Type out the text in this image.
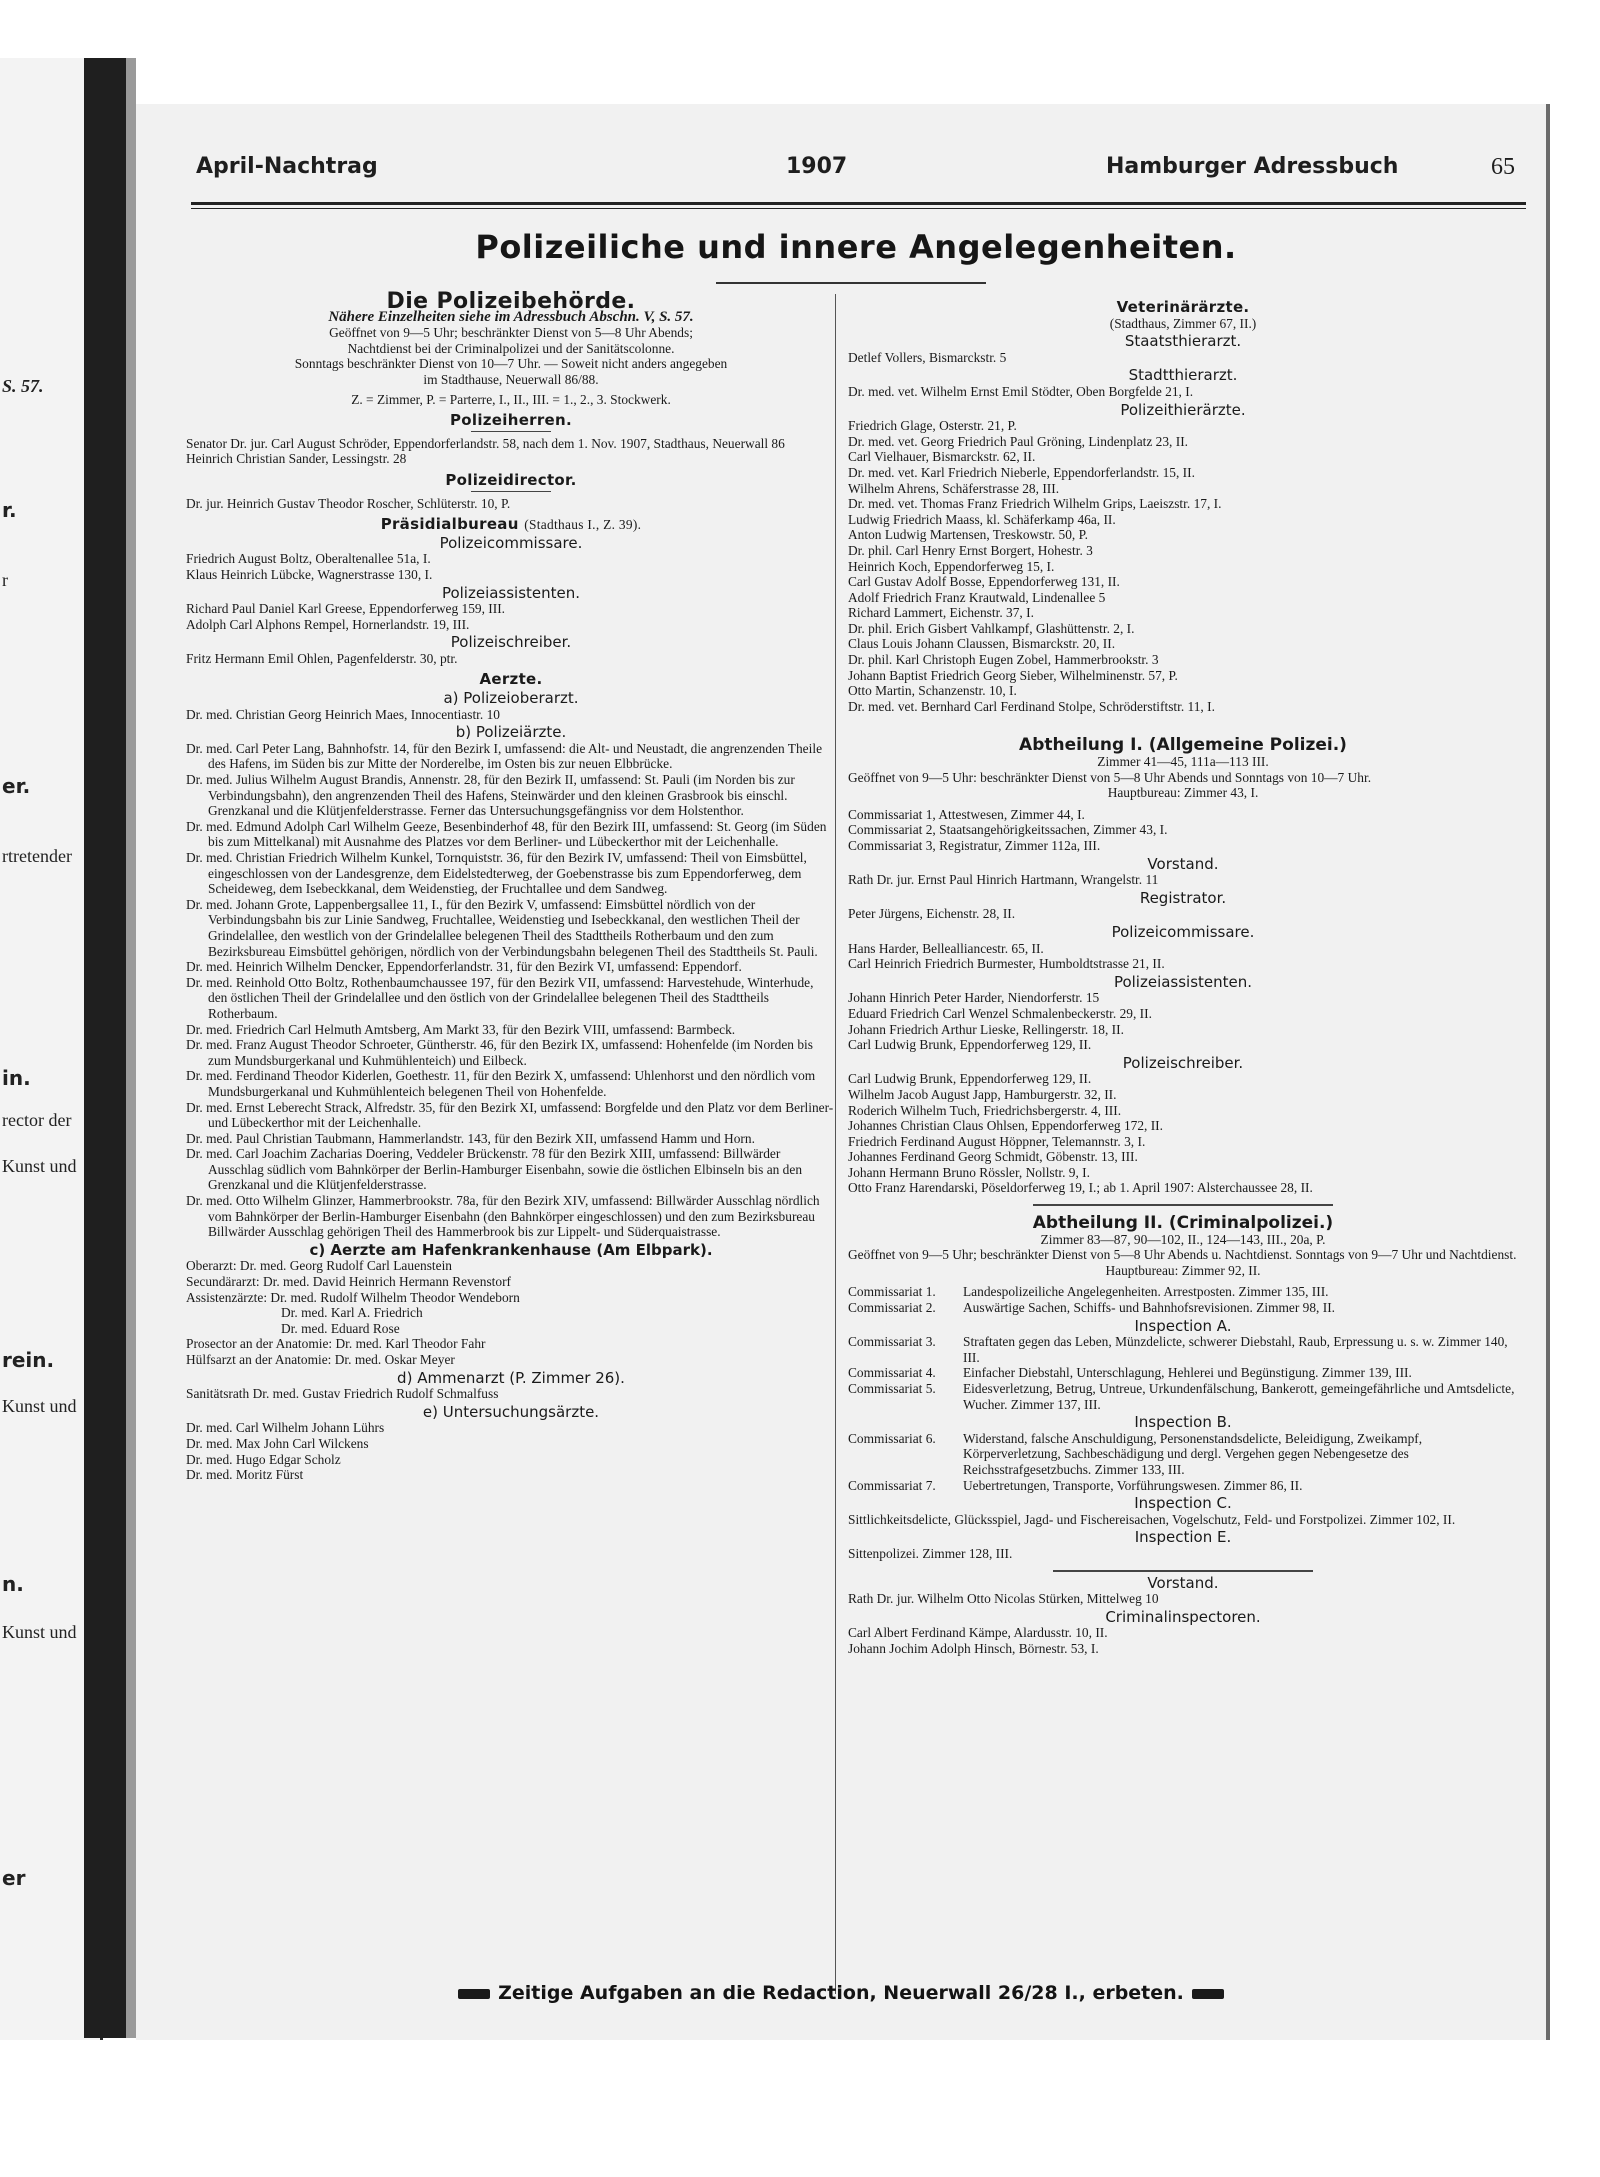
S. 57.
r.
r
er.
rtretender
in.
rector der
Kunst und
rein.
Kunst und
n.
Kunst und
er
April-Nachtrag	1907	Hamburger Adressbuch	65
Polizeiliche und innere Angelegenheiten.

Die Polizeibehörde.

Nähere Einzelheiten siehe im Adressbuch Abschn. V, S. 57.

Geöffnet von 9—5 Uhr; beschränkter Dienst von 5—8 Uhr Abends;

Nachtdienst bei der Criminalpolizei und der Sanitätscolonne.

Sonntags beschränkter Dienst von 10—7 Uhr. — Soweit nicht anders angegeben

im Stadthause, Neuerwall 86/88.

Z. = Zimmer, P. = Parterre, I., II., III. = 1., 2., 3. Stockwerk.

Polizeiherren.

Senator Dr. jur. Carl August Schröder, Eppendorferlandstr. 58, nach dem 1. Nov. 1907, Stadthaus, Neuerwall 86

Heinrich Christian Sander, Lessingstr. 28

Polizeidirector.

Dr. jur. Heinrich Gustav Theodor Roscher, Schlüterstr. 10, P.

Präsidialbureau (Stadthaus I., Z. 39).

Polizeicommissare.

Friedrich August Boltz, Oberaltenallee 51a, I.

Klaus Heinrich Lübcke, Wagnerstrasse 130, I.

Polizeiassistenten.

Richard Paul Daniel Karl Greese, Eppendorferweg 159, III.

Adolph Carl Alphons Rempel, Hornerlandstr. 19, III.

Polizeischreiber.

Fritz Hermann Emil Ohlen, Pagenfelderstr. 30, ptr.

Aerzte.

a) Polizeioberarzt.

Dr. med. Christian Georg Heinrich Maes, Innocentiastr. 10

b) Polizeiärzte.

Dr. med. Carl Peter Lang, Bahnhofstr. 14, für den Bezirk I, umfassend: die Alt- und Neustadt, die angrenzenden Theile des Hafens, im Süden bis zur Mitte der Norderelbe, im Osten bis zur neuen Elbbrücke.

Dr. med. Julius Wilhelm August Brandis, Annenstr. 28, für den Bezirk II, umfassend: St. Pauli (im Norden bis zur Verbindungsbahn), den angrenzenden Theil des Hafens, Steinwärder und den kleinen Grasbrook bis einschl. Grenzkanal und die Klütjenfelderstrasse. Ferner das Untersuchungsgefängniss vor dem Holstenthor.

Dr. med. Edmund Adolph Carl Wilhelm Geeze, Besenbinderhof 48, für den Bezirk III, umfassend: St. Georg (im Süden bis zum Mittelkanal) mit Ausnahme des Platzes vor dem Berliner- und Lübeckerthor mit der Leichenhalle.

Dr. med. Christian Friedrich Wilhelm Kunkel, Tornquiststr. 36, für den Bezirk IV, umfassend: Theil von Eimsbüttel, eingeschlossen von der Landesgrenze, dem Eidelstedterweg, der Goebenstrasse bis zum Eppendorferweg, dem Scheideweg, dem Isebeckkanal, dem Weidenstieg, der Fruchtallee und dem Sandweg.

Dr. med. Johann Grote, Lappenbergsallee 11, I., für den Bezirk V, umfassend: Eimsbüttel nördlich von der Verbindungsbahn bis zur Linie Sandweg, Fruchtallee, Weidenstieg und Isebeckkanal, den westlichen Theil der Grindelallee, den westlich von der Grindelallee belegenen Theil des Stadttheils Rotherbaum und den zum Bezirksbureau Eimsbüttel gehörigen, nördlich von der Verbindungsbahn belegenen Theil des Stadttheils St. Pauli.

Dr. med. Heinrich Wilhelm Dencker, Eppendorferlandstr. 31, für den Bezirk VI, umfassend: Eppendorf.

Dr. med. Reinhold Otto Boltz, Rothenbaumchaussee 197, für den Bezirk VII, umfassend: Harvestehude, Winterhude, den östlichen Theil der Grindelallee und den östlich von der Grindelallee belegenen Theil des Stadttheils Rotherbaum.

Dr. med. Friedrich Carl Helmuth Amtsberg, Am Markt 33, für den Bezirk VIII, umfassend: Barmbeck.

Dr. med. Franz August Theodor Schroeter, Güntherstr. 46, für den Bezirk IX, umfassend: Hohenfelde (im Norden bis zum Mundsburgerkanal und Kuhmühlenteich) und Eilbeck.

Dr. med. Ferdinand Theodor Kiderlen, Goethestr. 11, für den Bezirk X, umfassend: Uhlenhorst und den nördlich vom Mundsburgerkanal und Kuhmühlenteich belegenen Theil von Hohenfelde.

Dr. med. Ernst Leberecht Strack, Alfredstr. 35, für den Bezirk XI, umfassend: Borgfelde und den Platz vor dem Berliner- und Lübeckerthor mit der Leichenhalle.

Dr. med. Paul Christian Taubmann, Hammerlandstr. 143, für den Bezirk XII, umfassend Hamm und Horn.

Dr. med. Carl Joachim Zacharias Doering, Veddeler Brückenstr. 78 für den Bezirk XIII, umfassend: Billwärder Ausschlag südlich vom Bahnkörper der Berlin-Hamburger Eisenbahn, sowie die östlichen Elbinseln bis an den Grenzkanal und die Klütjenfelderstrasse.

Dr. med. Otto Wilhelm Glinzer, Hammerbrookstr. 78a, für den Bezirk XIV, umfassend: Billwärder Ausschlag nördlich vom Bahnkörper der Berlin-Hamburger Eisenbahn (den Bahnkörper eingeschlossen) und den zum Bezirksbureau Billwärder Ausschlag gehörigen Theil des Hammerbrook bis zur Lippelt- und Süderquaistrasse.

c) Aerzte am Hafenkrankenhause (Am Elbpark).

Oberarzt: Dr. med. Georg Rudolf Carl Lauenstein

Secundärarzt: Dr. med. David Heinrich Hermann Revenstorf

Assistenzärzte: Dr. med. Rudolf Wilhelm Theodor Wendeborn

Dr. med. Karl A. Friedrich

Dr. med. Eduard Rose

Prosector an der Anatomie: Dr. med. Karl Theodor Fahr

Hülfsarzt an der Anatomie: Dr. med. Oskar Meyer

d) Ammenarzt (P. Zimmer 26).

Sanitätsrath Dr. med. Gustav Friedrich Rudolf Schmalfuss

e) Untersuchungsärzte.

Dr. med. Carl Wilhelm Johann Lührs

Dr. med. Max John Carl Wilckens

Dr. med. Hugo Edgar Scholz

Dr. med. Moritz Fürst

Veterinärärzte.

(Stadthaus, Zimmer 67, II.)

Staatsthierarzt.

Detlef Vollers, Bismarckstr. 5

Stadtthierarzt.

Dr. med. vet. Wilhelm Ernst Emil Stödter, Oben Borgfelde 21, I.

Polizeithierärzte.

Friedrich Glage, Osterstr. 21, P.

Dr. med. vet. Georg Friedrich Paul Gröning, Lindenplatz 23, II.

Carl Vielhauer, Bismarckstr. 62, II.

Dr. med. vet. Karl Friedrich Nieberle, Eppendorferlandstr. 15, II.

Wilhelm Ahrens, Schäferstrasse 28, III.

Dr. med. vet. Thomas Franz Friedrich Wilhelm Grips, Laeiszstr. 17, I.

Ludwig Friedrich Maass, kl. Schäferkamp 46a, II.

Anton Ludwig Martensen, Treskowstr. 50, P.

Dr. phil. Carl Henry Ernst Borgert, Hohestr. 3

Heinrich Koch, Eppendorferweg 15, I.

Carl Gustav Adolf Bosse, Eppendorferweg 131, II.

Adolf Friedrich Franz Krautwald, Lindenallee 5

Richard Lammert, Eichenstr. 37, I.

Dr. phil. Erich Gisbert Vahlkampf, Glashüttenstr. 2, I.

Claus Louis Johann Claussen, Bismarckstr. 20, II.

Dr. phil. Karl Christoph Eugen Zobel, Hammerbrookstr. 3

Johann Baptist Friedrich Georg Sieber, Wilhelminenstr. 57, P.

Otto Martin, Schanzenstr. 10, I.

Dr. med. vet. Bernhard Carl Ferdinand Stolpe, Schröderstiftstr. 11, I.

Abtheilung I. (Allgemeine Polizei.)

Zimmer 41—45, 111a—113 III.

Geöffnet von 9—5 Uhr: beschränkter Dienst von 5—8 Uhr Abends und Sonntags von 10—7 Uhr.

Hauptbureau: Zimmer 43, I.

Commissariat 1, Attestwesen, Zimmer 44, I.

Commissariat 2, Staatsangehörigkeitssachen, Zimmer 43, I.

Commissariat 3, Registratur, Zimmer 112a, III.

Vorstand.

Rath Dr. jur. Ernst Paul Hinrich Hartmann, Wrangelstr. 11

Registrator.

Peter Jürgens, Eichenstr. 28, II.

Polizeicommissare.

Hans Harder, Bellealliancestr. 65, II.

Carl Heinrich Friedrich Burmester, Humboldtstrasse 21, II.

Polizeiassistenten.

Johann Hinrich Peter Harder, Niendorferstr. 15

Eduard Friedrich Carl Wenzel Schmalenbeckerstr. 29, II.

Johann Friedrich Arthur Lieske, Rellingerstr. 18, II.

Carl Ludwig Brunk, Eppendorferweg 129, II.

Polizeischreiber.

Carl Ludwig Brunk, Eppendorferweg 129, II.

Wilhelm Jacob August Japp, Hamburgerstr. 32, II.

Roderich Wilhelm Tuch, Friedrichsbergerstr. 4, III.

Johannes Christian Claus Ohlsen, Eppendorferweg 172, II.

Friedrich Ferdinand August Höppner, Telemannstr. 3, I.

Johannes Ferdinand Georg Schmidt, Göbenstr. 13, III.

Johann Hermann Bruno Rössler, Nollstr. 9, I.

Otto Franz Harendarski, Pöseldorferweg 19, I.; ab 1. April 1907: Alsterchaussee 28, II.

Abtheilung II. (Criminalpolizei.)

Zimmer 83—87, 90—102, II., 124—143, III., 20a, P.

Geöffnet von 9—5 Uhr; beschränkter Dienst von 5—8 Uhr Abends u. Nachtdienst. Sonntags von 9—7 Uhr und Nachtdienst.

Hauptbureau: Zimmer 92, II.

Commissariat 1.	Landespolizeiliche Angelegenheiten. Arrestposten. Zimmer 135, III.
Commissariat 2.	Auswärtige Sachen, Schiffs- und Bahnhofsrevisionen. Zimmer 98, II.

Inspection A.

Commissariat 3.	Straftaten gegen das Leben, Münzdelicte, schwerer Diebstahl, Raub, Erpressung u. s. w. Zimmer 140, III.
Commissariat 4.	Einfacher Diebstahl, Unterschlagung, Hehlerei und Begünstigung. Zimmer 139, III.
Commissariat 5.	Eidesverletzung, Betrug, Untreue, Urkundenfälschung, Bankerott, gemeingefährliche und Amtsdelicte, Wucher. Zimmer 137, III.

Inspection B.

Commissariat 6.	Widerstand, falsche Anschuldigung, Personenstandsdelicte, Beleidigung, Zweikampf, Körperverletzung, Sachbeschädigung und dergl. Vergehen gegen Nebengesetze des Reichsstrafgesetzbuchs. Zimmer 133, III.
Commissariat 7.	Uebertretungen, Transporte, Vorführungswesen. Zimmer 86, II.

Inspection C.

Sittlichkeitsdelicte, Glücksspiel, Jagd- und Fischereisachen, Vogelschutz, Feld- und Forstpolizei. Zimmer 102, II.

Inspection E.

Sittenpolizei. Zimmer 128, III.

Vorstand.

Rath Dr. jur. Wilhelm Otto Nicolas Stürken, Mittelweg 10

Criminalinspectoren.

Carl Albert Ferdinand Kämpe, Alardusstr. 10, II.

Johann Jochim Adolph Hinsch, Börnestr. 53, I.

Zeitige Aufgaben an die Redaction, Neuerwall 26/28 I., erbeten.
